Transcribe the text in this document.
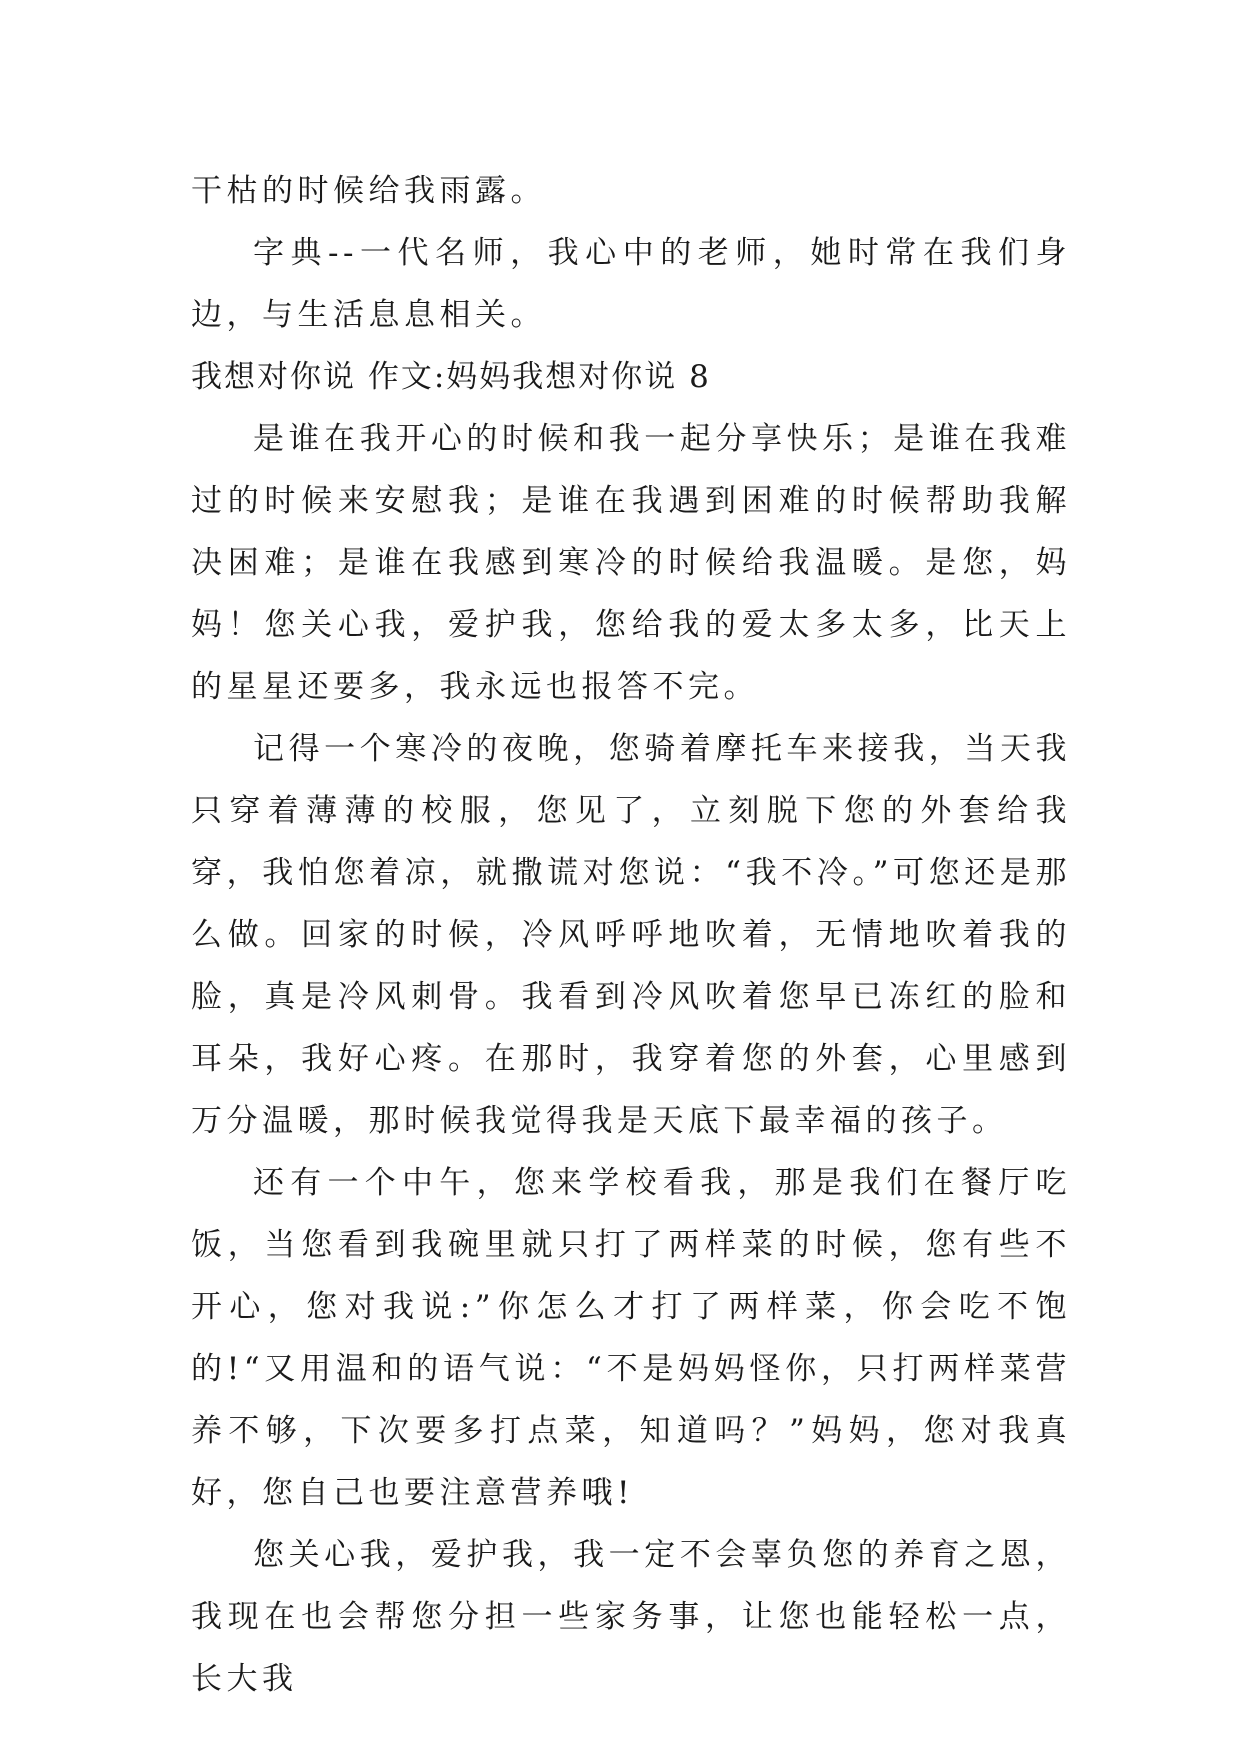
干枯的时候给我雨露。

字典--一代名师，我心中的老师，她时常在我们身边，与生活息息相关。

我想对你说 作文:妈妈我想对你说 8

是谁在我开心的时候和我一起分享快乐；是谁在我难过的时候来安慰我；是谁在我遇到困难的时候帮助我解决困难；是谁在我感到寒冷的时候给我温暖。是您，妈妈！您关心我，爱护我，您给我的爱太多太多，比天上的星星还要多，我永远也报答不完。

记得一个寒冷的夜晚，您骑着摩托车来接我，当天我只穿着薄薄的校服，您见了，立刻脱下您的外套给我穿，我怕您着凉，就撒谎对您说：“我不冷。”可您还是那么做。回家的时候，冷风呼呼地吹着，无情地吹着我的脸，真是冷风刺骨。我看到冷风吹着您早已冻红的脸和耳朵，我好心疼。在那时，我穿着您的外套，心里感到万分温暖，那时候我觉得我是天底下最幸福的孩子。

还有一个中午，您来学校看我，那是我们在餐厅吃饭，当您看到我碗里就只打了两样菜的时候，您有些不开心，您对我说:”你怎么才打了两样菜，你会吃不饱的!“又用温和的语气说：“不是妈妈怪你，只打两样菜营养不够，下次要多打点菜，知道吗？”妈妈，您对我真好，您自己也要注意营养哦!

您关心我，爱护我，我一定不会辜负您的养育之恩，我现在也会帮您分担一些家务事，让您也能轻松一点，长大我
